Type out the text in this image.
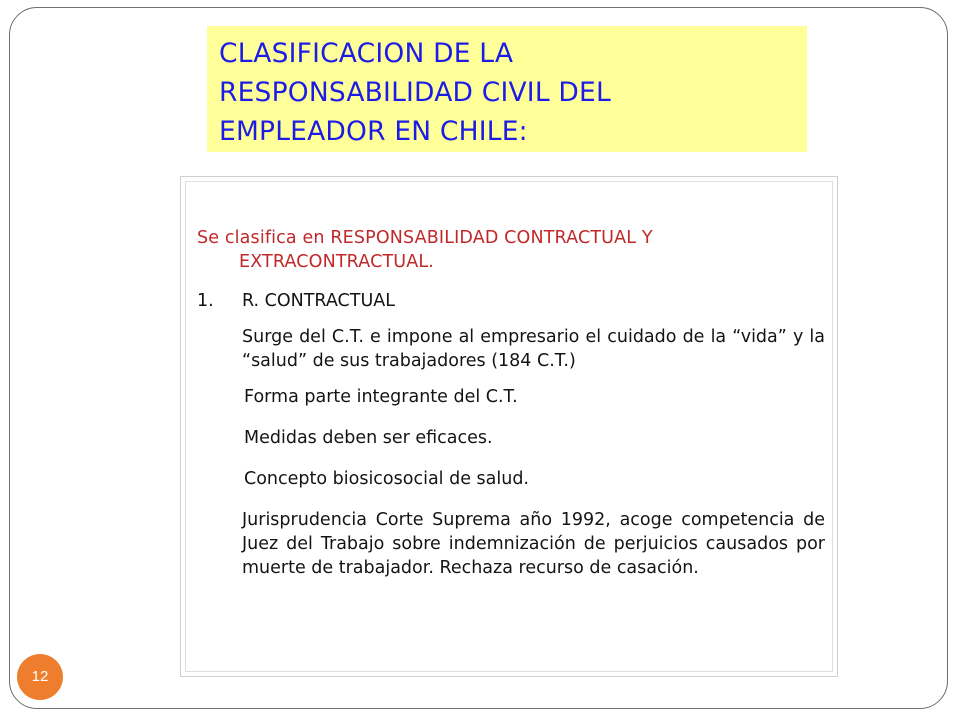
CLASIFICACION DE LA
RESPONSABILIDAD CIVIL DEL
EMPLEADOR EN CHILE:

Se clasifica en RESPONSABILIDAD CONTRACTUAL Y EXTRACONTRACTUAL.

1.	R. CONTRACTUAL

Surge del C.T. e impone al empresario el cuidado de la “vida” y la “salud” de sus trabajadores (184 C.T.)

Forma parte integrante del C.T.

Medidas deben ser eficaces.

Concepto biosicosocial de salud.

Jurisprudencia Corte Suprema año 1992, acoge competencia de Juez del Trabajo sobre indemnización de perjuicios causados por muerte de trabajador. Rechaza recurso de casación.

12
